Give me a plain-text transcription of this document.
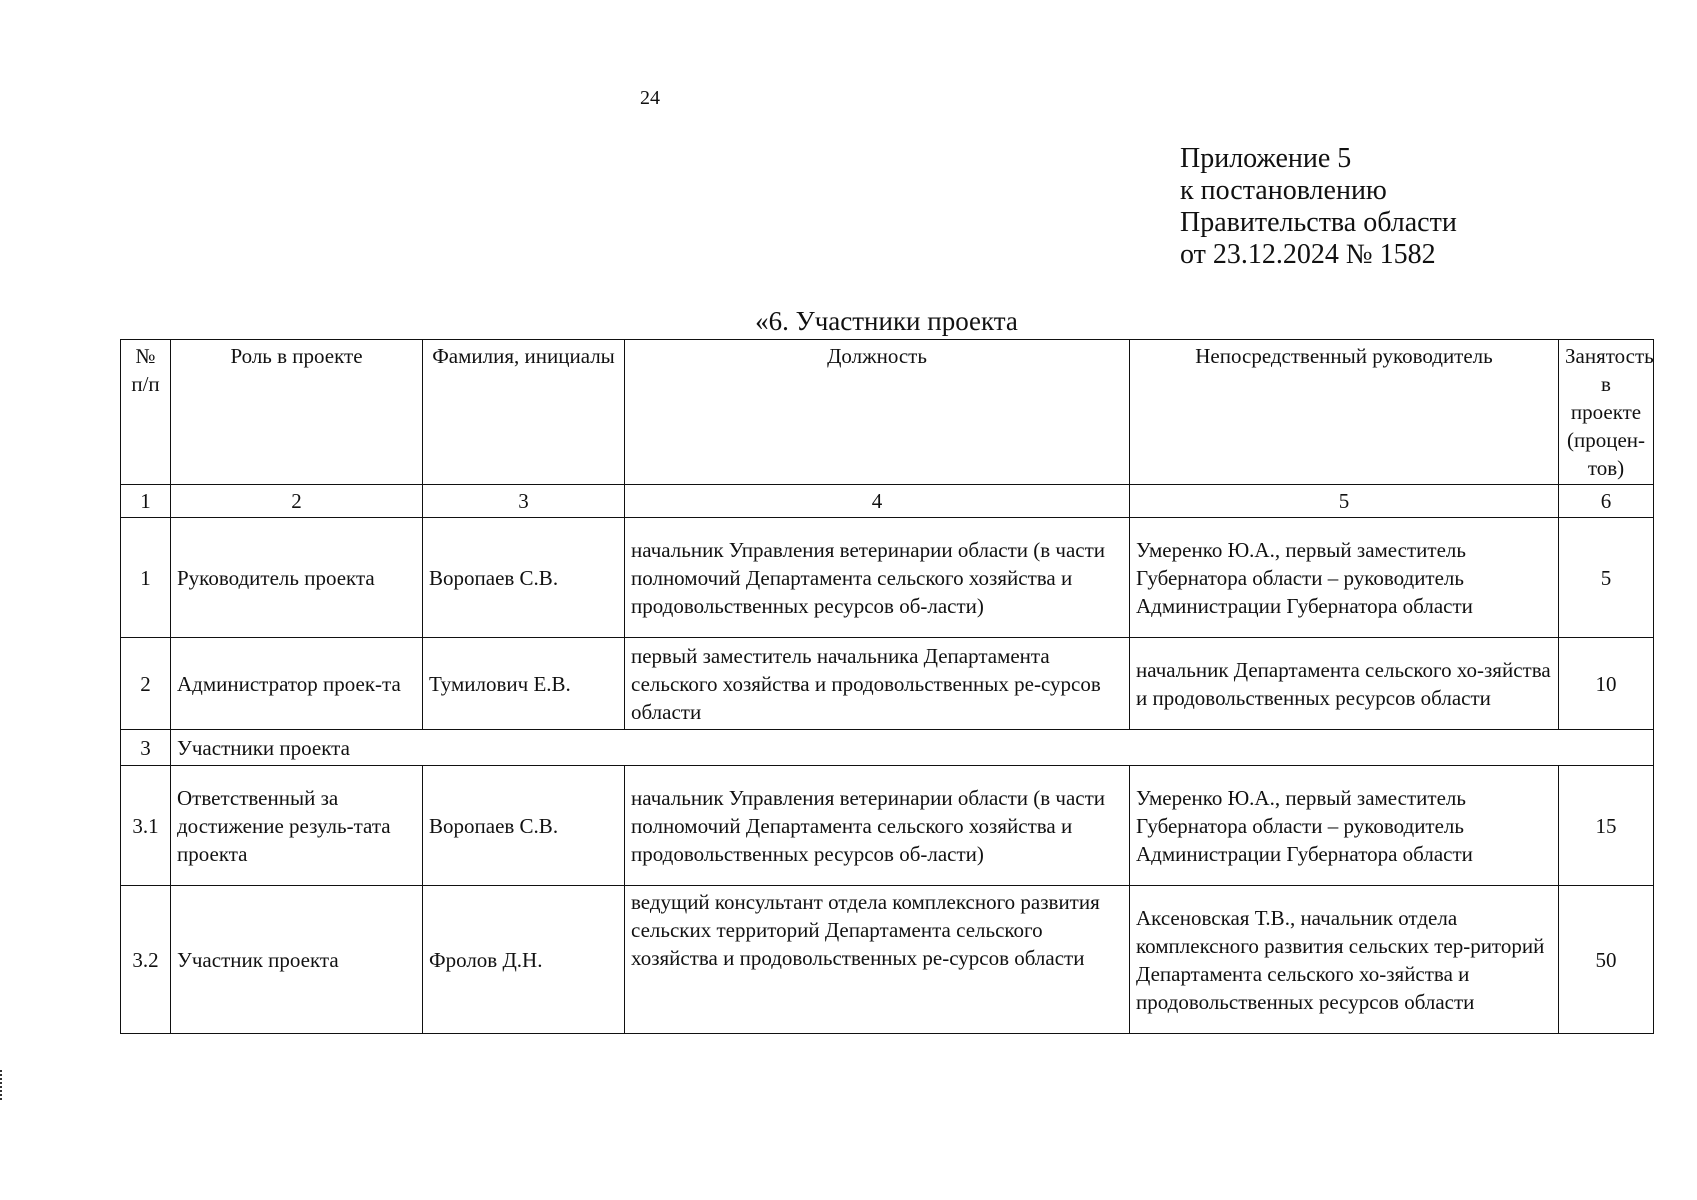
24
Приложение 5
к постановлению
Правительства области
от 23.12.2024 № 1582
«6. Участники проекта
№ п/п	Роль в проекте	Фамилия, инициалы	Должность	Непосредственный руководитель	Занятость в проекте (процен-тов)
1	2	3	4	5	6
1	Руководитель проекта	Воропаев С.В.	начальник Управления ветеринарии области (в части полномочий Департамента сельского хозяйства и продовольственных ресурсов об-ласти)	Умеренко Ю.А., первый заместитель Губернатора области – руководитель Администрации Губернатора области	5
2	Администратор проек-та	Тумилович Е.В.	первый заместитель начальника Департамента сельского хозяйства и продовольственных ре-сурсов области	начальник Департамента сельского хо-зяйства и продовольственных ресурсов области	10
3	Участники проекта				
3.1	Ответственный за достижение резуль-тата проекта	Воропаев С.В.	начальник Управления ветеринарии области (в части полномочий Департамента сельского хозяйства и продовольственных ресурсов об-ласти)	Умеренко Ю.А., первый заместитель Губернатора области – руководитель Администрации Губернатора области	15
3.2	Участник проекта	Фролов Д.Н.	ведущий консультант отдела комплексного развития сельских территорий Департамента сельского хозяйства и продовольственных ре-сурсов области	Аксеновская Т.В., начальник отдела комплексного развития сельских тер-риторий Департамента сельского хо-зяйства и продовольственных ресурсов области	50
